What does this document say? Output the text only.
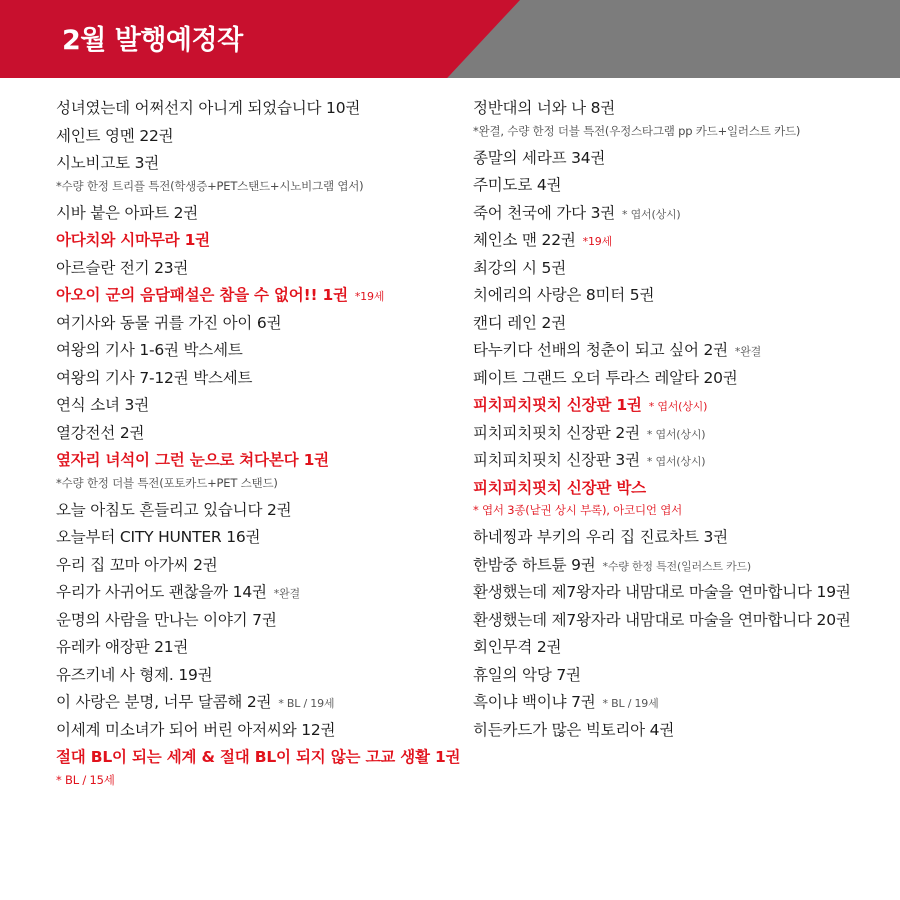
2월 발행예정작
성녀였는데 어쩌선지 아니게 되었습니다 10권
세인트 영멘 22권
시노비고토 3권
*수량 한정 트리플 특전(학생증+PET스탠드+시노비그램 엽서)
시바 붙은 아파트 2권
아다치와 시마무라 1권
아르슬란 전기 23권
아오이 군의 음담패설은 참을 수 없어!! 1권 *19세
여기사와 동물 귀를 가진 아이 6권
여왕의 기사 1-6권 박스세트
여왕의 기사 7-12권 박스세트
연식 소녀 3권
열강전선 2권
옆자리 녀석이 그런 눈으로 쳐다본다 1권
*수량 한정 더블 특전(포토카드+PET 스탠드)
오늘 아침도 흔들리고 있습니다 2권
오늘부터 CITY HUNTER 16권
우리 집 꼬마 아가씨 2권
우리가 사귀어도 괜찮을까 14권 *완결
운명의 사람을 만나는 이야기 7권
유레카 애장판 21권
유즈키네 사 형제. 19권
이 사랑은 분명, 너무 달콤해 2권 * BL / 19세
이세계 미소녀가 되어 버린 아저씨와 12권
절대 BL이 되는 세계 & 절대 BL이 되지 않는 고교 생활 1권
* BL / 15세
정반대의 너와 나 8권
*완결, 수량 한정 더블 특전(우정스타그램 pp 카드+일러스트 카드)
종말의 세라프 34권
주미도로 4권
죽어 천국에 가다 3권 * 엽서(상시)
체인소 맨 22권 *19세
최강의 시 5권
치에리의 사랑은 8미터 5권
캔디 레인 2권
타누키다 선배의 청춘이 되고 싶어 2권 *완결
페이트 그랜드 오더 투라스 레알타 20권
피치피치핏치 신장판 1권 * 엽서(상시)
피치피치핏치 신장판 2권 * 엽서(상시)
피치피치핏치 신장판 3권 * 엽서(상시)
피치피치핏치 신장판 박스
* 엽서 3종(낱권 상시 부록), 아코디언 엽서
하네찡과 부키의 우리 집 진료차트 3권
한밤중 하트튠 9권 *수량 한정 특전(일러스트 카드)
환생했는데 제7왕자라 내맘대로 마술을 연마합니다 19권
환생했는데 제7왕자라 내맘대로 마술을 연마합니다 20권
회인무격 2권
휴일의 악당 7권
흑이냐 백이냐 7권 * BL / 19세
히든카드가 많은 빅토리아 4권
